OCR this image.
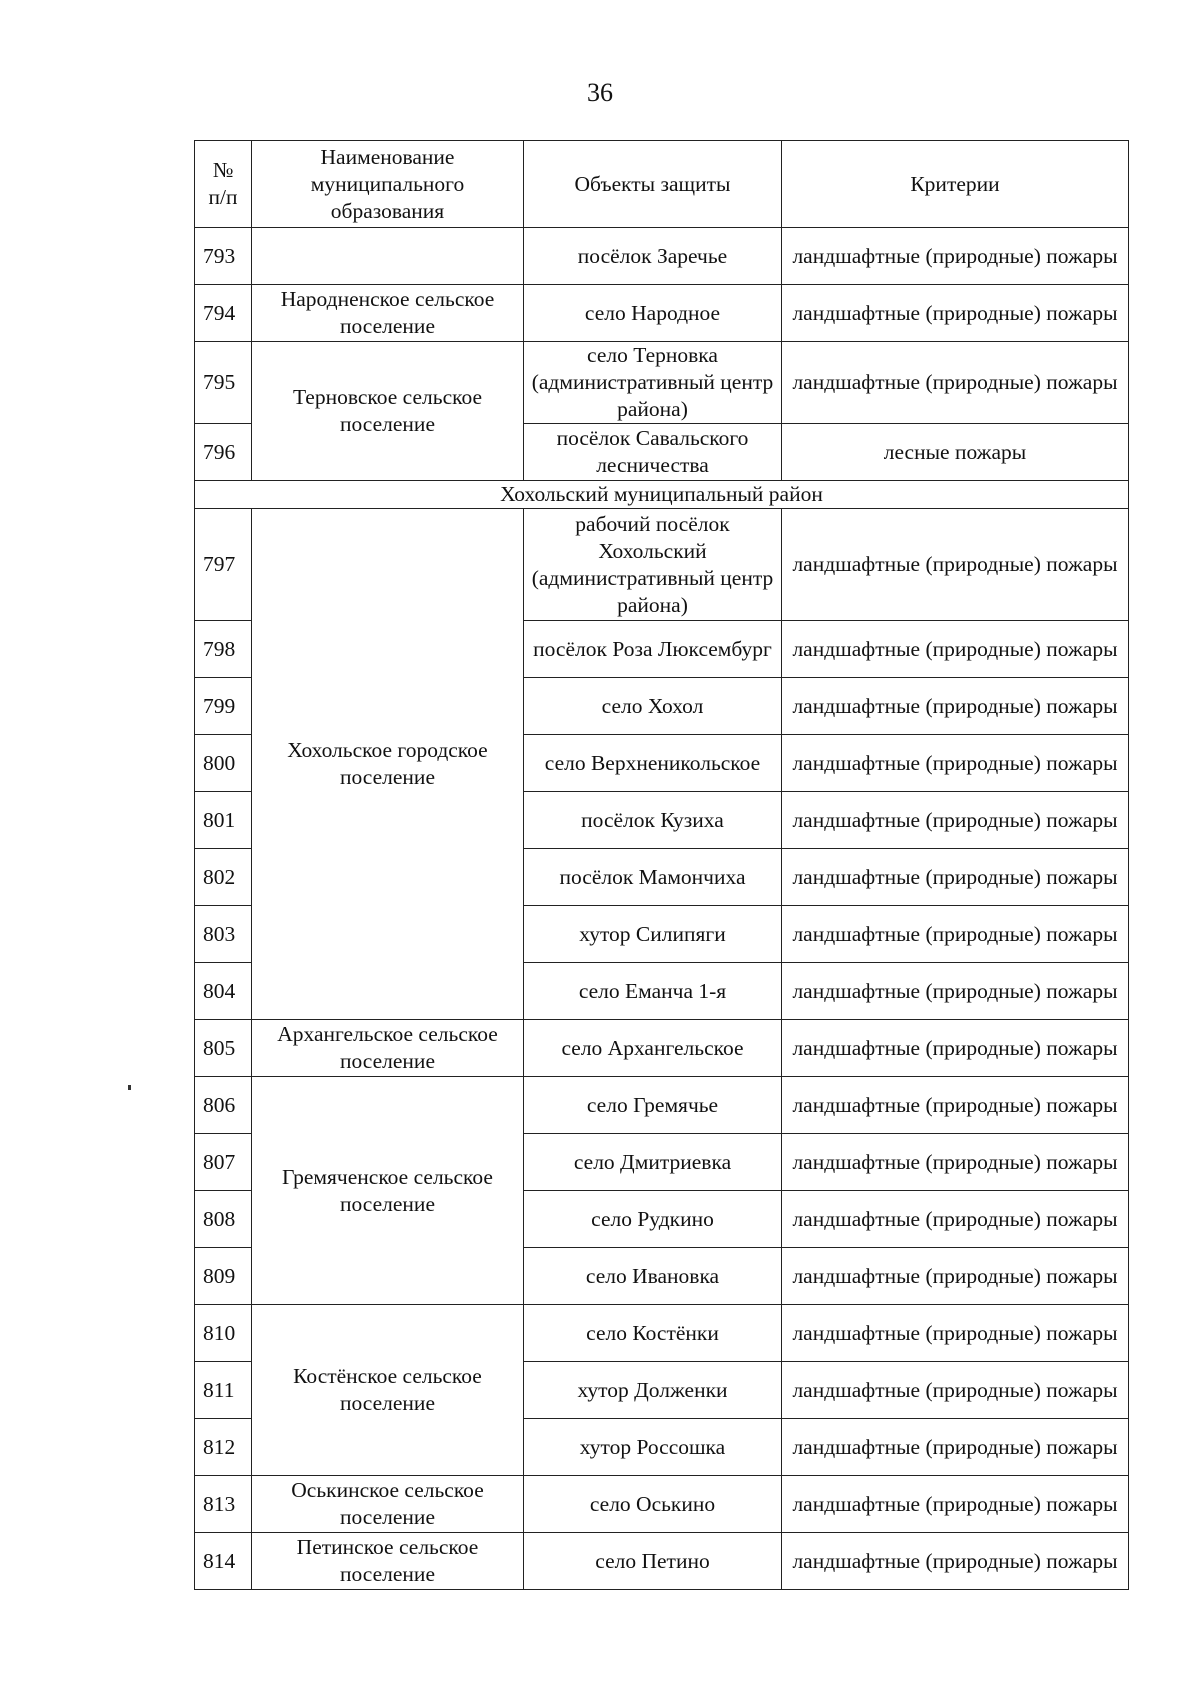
36
№
п/п	Наименование муниципального образования	Объекты защиты	Критерии
793		посёлок Заречье	ландшафтные (природные) пожары
794	Народненское сельское поселение	село Народное	ландшафтные (природные) пожары
795	Терновское сельское поселение	село Терновка (административный центр района)	ландшафтные (природные) пожары
796		посёлок Савальского лесничества	лесные пожары
Хохольский муниципальный район			
797	Хохольское городское поселение	рабочий посёлок Хохольский (административный центр района)	ландшафтные (природные) пожары
798		посёлок Роза Люксембург	ландшафтные (природные) пожары
799		село Хохол	ландшафтные (природные) пожары
800		село Верхненикольское	ландшафтные (природные) пожары
801		посёлок Кузиха	ландшафтные (природные) пожары
802		посёлок Мамончиха	ландшафтные (природные) пожары
803		хутор Силипяги	ландшафтные (природные) пожары
804		село Еманча 1-я	ландшафтные (природные) пожары
805	Архангельское сельское поселение	село Архангельское	ландшафтные (природные) пожары
806	Гремяченское сельское поселение	село Гремячье	ландшафтные (природные) пожары
807		село Дмитриевка	ландшафтные (природные) пожары
808		село Рудкино	ландшафтные (природные) пожары
809		село Ивановка	ландшафтные (природные) пожары
810	Костёнское сельское поселение	село Костёнки	ландшафтные (природные) пожары
811		хутор Долженки	ландшафтные (природные) пожары
812		хутор Россошка	ландшафтные (природные) пожары
813	Оськинское сельское поселение	село Оськино	ландшафтные (природные) пожары
814	Петинское сельское поселение	село Петино	ландшафтные (природные) пожары
